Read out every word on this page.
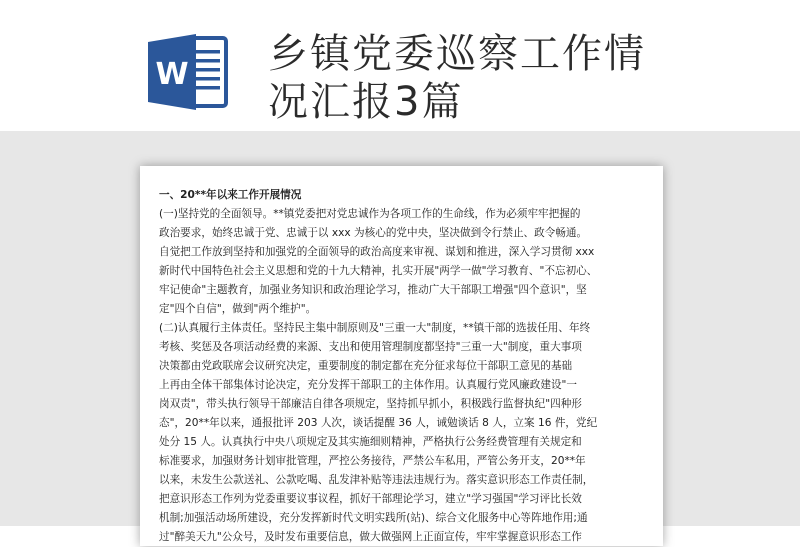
W 乡镇党委巡察工作情
况汇报3篇
一、20**年以来工作开展情况
(一)坚持党的全面领导。**镇党委把对党忠诚作为各项工作的生命线，作为必须牢牢把握的
政治要求，始终忠诚于党、忠诚于以 xxx 为核心的党中央，坚决做到令行禁止、政令畅通。
自觉把工作放到坚持和加强党的全面领导的政治高度来审视、谋划和推进，深入学习贯彻 xxx
新时代中国特色社会主义思想和党的十九大精神，扎实开展"两学一做"学习教育、"不忘初心、
牢记使命"主题教育，加强业务知识和政治理论学习，推动广大干部职工增强"四个意识"，坚
定"四个自信"，做到"两个维护"。
(二)认真履行主体责任。坚持民主集中制原则及"三重一大"制度，**镇干部的选拔任用、年终
考核、奖惩及各项活动经费的来源、支出和使用管理制度都坚持"三重一大"制度，重大事项
决策都由党政联席会议研究决定，重要制度的制定都在充分征求每位干部职工意见的基础
上再由全体干部集体讨论决定，充分发挥干部职工的主体作用。认真履行党风廉政建设"一
岗双责"，带头执行领导干部廉洁自律各项规定，坚持抓早抓小，积极践行监督执纪"四种形
态"，20**年以来，通报批评 203 人次，谈话提醒 36 人，诫勉谈话 8 人，立案 16 件，党纪
处分 15 人。认真执行中央八项规定及其实施细则精神，严格执行公务经费管理有关规定和
标准要求，加强财务计划审批管理，严控公务接待，严禁公车私用，严管公务开支，20**年
以来，未发生公款送礼、公款吃喝、乱发津补贴等违法违规行为。落实意识形态工作责任制，
把意识形态工作列为党委重要议事议程，抓好干部理论学习，建立"学习强国"学习评比长效
机制;加强活动场所建设，充分发挥新时代文明实践所(站)、综合文化服务中心等阵地作用;通
过"醉美天九"公众号，及时发布重要信息，做大做强网上正面宣传，牢牢掌握意识形态工作
